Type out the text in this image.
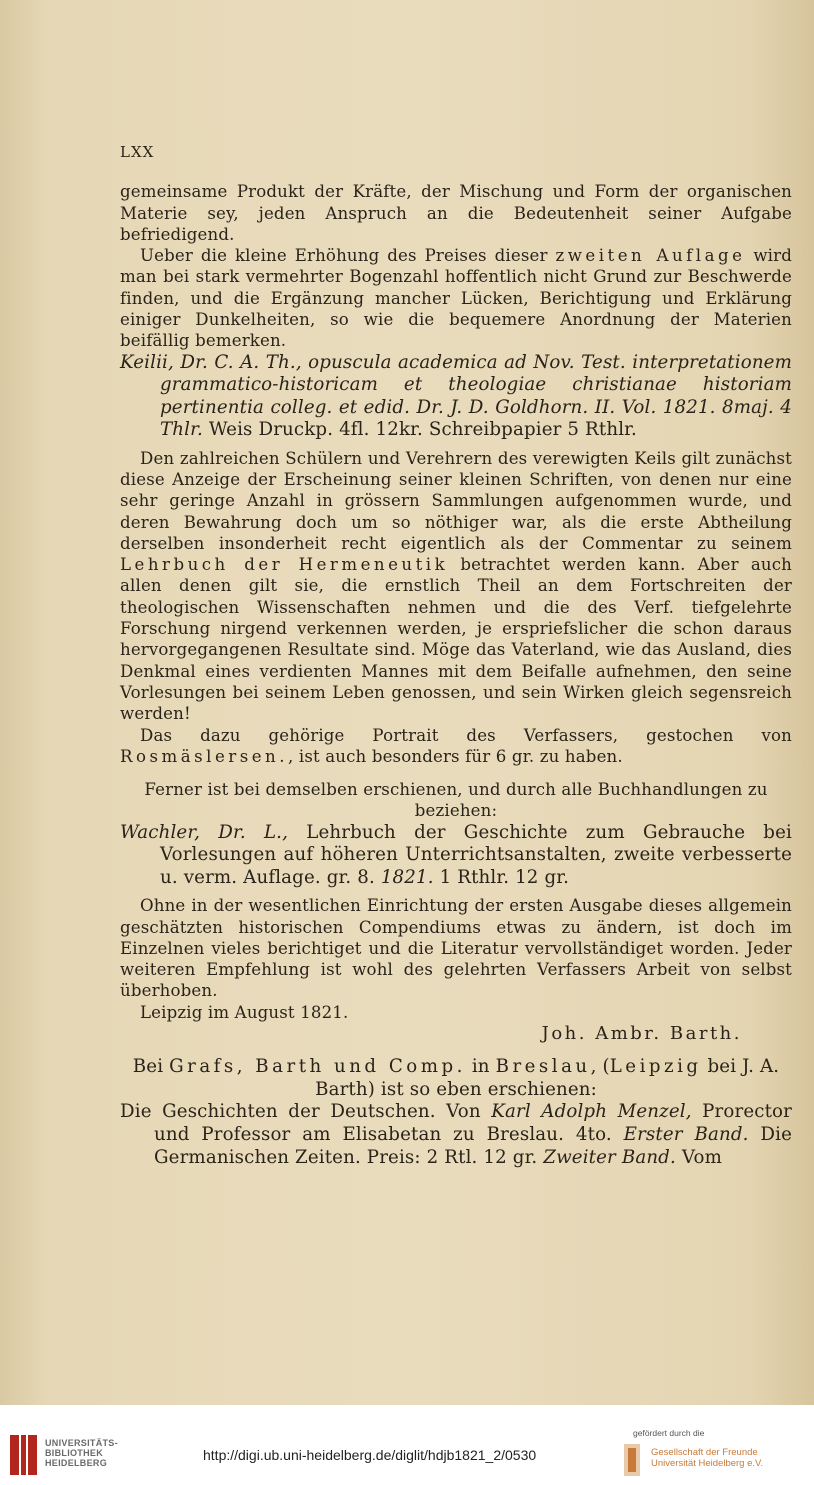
LXX

gemeinsame Produkt der Kräfte, der Mischung und Form der organischen Materie sey, jeden Anspruch an die Bedeutenheit seiner Aufgabe befriedigend.

Ueber die kleine Erhöhung des Preises dieser zweiten Auflage wird man bei stark vermehrter Bogenzahl hoffentlich nicht Grund zur Beschwerde finden, und die Ergänzung mancher Lücken, Berichtigung und Erklärung einiger Dunkelheiten, so wie die bequemere Anordnung der Materien beifällig bemerken.

Keilii, Dr. C. A. Th., opuscula academica ad Nov. Test. interpretationem grammatico-historicam et theologiae christianae historiam pertinentia colleg. et edid. Dr. J. D. Goldhorn. II. Vol. 1821. 8maj. 4 Thlr. Weis Druckp. 4fl. 12kr. Schreibpapier 5 Rthlr.

Den zahlreichen Schülern und Verehrern des verewigten Keils gilt zunächst diese Anzeige der Erscheinung seiner kleinen Schriften, von denen nur eine sehr geringe Anzahl in grössern Sammlungen aufgenommen wurde, und deren Bewahrung doch um so nöthiger war, als die erste Abtheilung derselben insonderheit recht eigentlich als der Commentar zu seinem Lehrbuch der Hermeneutik betrachtet werden kann. Aber auch allen denen gilt sie, die ernstlich Theil an dem Fortschreiten der theologischen Wissenschaften nehmen und die des Verf. tiefgelehrte Forschung nirgend verkennen werden, je erspriefslicher die schon daraus hervorgegangenen Resultate sind. Möge das Vaterland, wie das Ausland, dies Denkmal eines verdienten Mannes mit dem Beifalle aufnehmen, den seine Vorlesungen bei seinem Leben genossen, und sein Wirken gleich segensreich werden!

Das dazu gehörige Portrait des Verfassers, gestochen von Rosmäslersen., ist auch besonders für 6 gr. zu haben.

Ferner ist bei demselben erschienen, und durch alle Buchhandlungen zu beziehen:

Wachler, Dr. L., Lehrbuch der Geschichte zum Gebrauche bei Vorlesungen auf höheren Unterrichtsanstalten, zweite verbesserte u. verm. Auflage. gr. 8. 1821. 1 Rthlr. 12 gr.

Ohne in der wesentlichen Einrichtung der ersten Ausgabe dieses allgemein geschätzten historischen Compendiums etwas zu ändern, ist doch im Einzelnen vieles berichtiget und die Literatur vervollständiget worden. Jeder weiteren Empfehlung ist wohl des gelehrten Verfassers Arbeit von selbst überhoben.

Leipzig im August 1821.

Joh. Ambr. Barth.

Bei Grafs, Barth und Comp. in Breslau, (Leipzig bei J. A. Barth) ist so eben erschienen:

Die Geschichten der Deutschen. Von Karl Adolph Menzel, Prorector und Professor am Elisabetan zu Breslau. 4to. Erster Band. Die Germanischen Zeiten. Preis: 2 Rtl. 12 gr. Zweiter Band. Vom

UNIVERSITÄTS-
BIBLIOTHEK
HEIDELBERG	http://digi.ub.uni-heidelberg.de/diglit/hdjb1821_2/0530
gefördert durch die
Gesellschaft der Freunde
Universität Heidelberg e.V.
